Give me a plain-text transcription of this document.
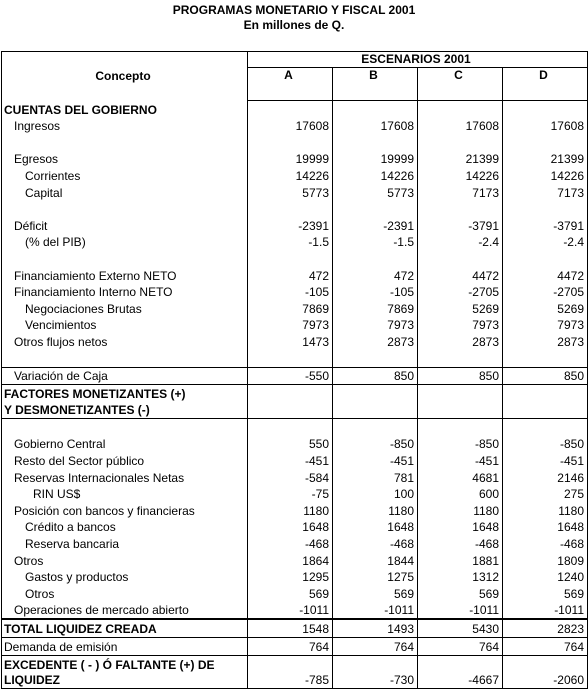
PROGRAMAS MONETARIO Y FISCAL 2001
En millones de Q.
Concepto	ESCENARIOS 2001			
	A	B	C	D
CUENTAS DEL GOBIERNO				
Ingresos	17608	17608	17608	17608

Egresos	19999	19999	21399	21399
Corrientes	14226	14226	14226	14226
Capital	5773	5773	7173	7173

Déficit	-2391	-2391	-3791	-3791
(% del PIB)	-1.5	-1.5	-2.4	-2.4

Financiamiento Externo NETO	472	472	4472	4472
Financiamiento Interno NETO	-105	-105	-2705	-2705
Negociaciones Brutas	7869	7869	5269	5269
Vencimientos	7973	7973	7973	7973
Otros flujos netos	1473	2873	2873	2873

Variación de Caja	-550	850	850	850
FACTORES MONETIZANTES (+)				
Y DESMONETIZANTES (-)				

Gobierno Central	550	-850	-850	-850
Resto del Sector público	-451	-451	-451	-451
Reservas Internacionales Netas	-584	781	4681	2146
RIN US$	-75	100	600	275
Posición con bancos y financieras	1180	1180	1180	1180
Crédito a bancos	1648	1648	1648	1648
Reserva bancaria	-468	-468	-468	-468
Otros	1864	1844	1881	1809
Gastos y productos	1295	1275	1312	1240
Otros	569	569	569	569
Operaciones de mercado abierto	-1011	-1011	-1011	-1011
TOTAL LIQUIDEZ CREADA	1548	1493	5430	2823
Demanda de emisión	764	764	764	764
EXCEDENTE ( - ) Ó FALTANTE (+) DE
LIQUIDEZ	-785	-730	-4667	-2060
